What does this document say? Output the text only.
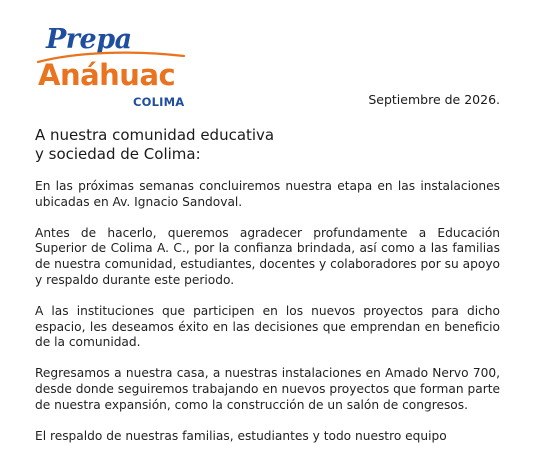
Prepa
Anáhuac
COLIMA	Septiembre de 2026.
A nuestra comunidad educativa
y sociedad de Colima:

En las próximas semanas concluiremos nuestra etapa en las instalaciones ubicadas en Av. Ignacio Sandoval.

Antes de hacerlo, queremos agradecer profundamente a Educación Superior de Colima A. C., por la confianza brindada, así como a las familias de nuestra comunidad, estudiantes, docentes y colaboradores por su apoyo y respaldo durante este periodo.

A las instituciones que participen en los nuevos proyectos para dicho espacio, les deseamos éxito en las decisiones que emprendan en beneficio de la comunidad.

Regresamos a nuestra casa, a nuestras instalaciones en Amado Nervo 700, desde donde seguiremos trabajando en nuevos proyectos que forman parte de nuestra expansión, como la construcción de un salón de congresos.

El respaldo de nuestras familias, estudiantes y todo nuestro equipo
